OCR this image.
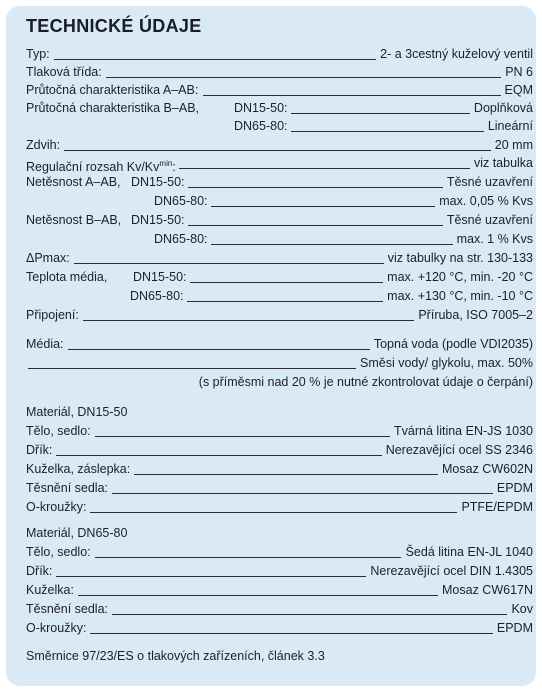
TECHNICKÉ ÚDAJE
Typ:	2- a 3cestný kuželový ventil
Tlaková třída:	PN 6
Průtočná charakteristika A–AB:	EQM
Průtočná charakteristika B–AB,	DN15-50:	Doplňková
DN65-80:	Lineární
Zdvih:	20 mm
Regulační rozsah $Kv/Kv^{min}$:	viz tabulka
Netěsnost A–AB, DN15-50:	Těsné uzavření
DN65-80:	max. 0,05 % Kvs
Netěsnost B–AB, DN15-50:	Těsné uzavření
DN65-80:	max. 1 % Kvs
ΔPmax:	viz tabulky na str. 130-133
Teplota média, DN15-50:	max. +120 °C, min. -20 °C
DN65-80:	max. +130 °C, min. -10 °C
Připojení:	Příruba, ISO 7005–2
Média:	Topná voda (podle VDI2035)
Směsi vody/ glykolu, max. 50%
(s příměsmi nad 20 % je nutné zkontrolovat údaje o čerpání)
Materiál, DN15-50
Tělo, sedlo:	Tvárná litina EN-JS 1030
Dřík:	Nerezavějící ocel SS 2346
Kuželka, záslepka:	Mosaz CW602N
Těsnění sedla:	EPDM
O-kroužky:	PTFE/EPDM
Materiál, DN65-80
Tělo, sedlo:	Šedá litina EN-JL 1040
Dřík:	Nerezavějící ocel DIN 1.4305
Kuželka:	Mosaz CW617N
Těsnění sedla:	Kov
O-kroužky:	EPDM
Směrnice 97/23/ES o tlakových zařízeních, článek 3.3
